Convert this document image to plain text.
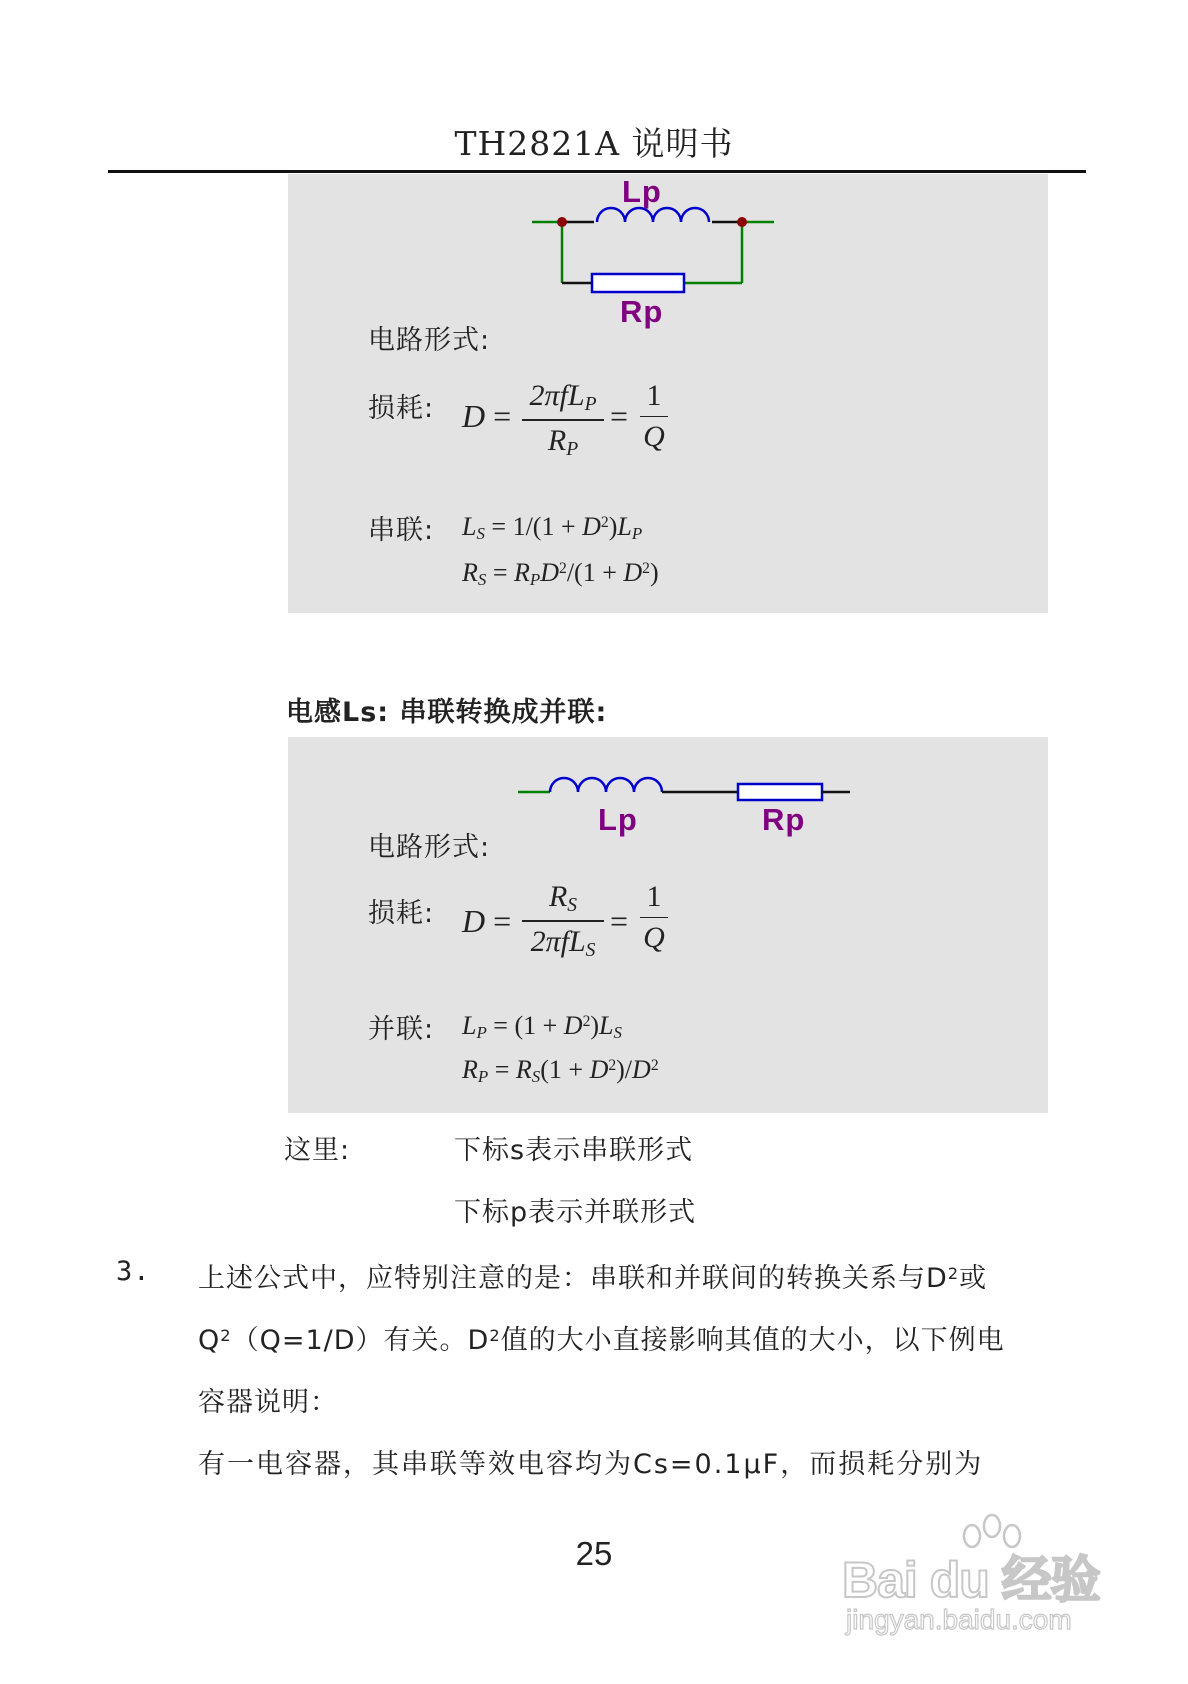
TH2821A 说明书
Lp
Rp
电路形式:
损耗: D =
2πfL$_P$
$R_P$
=
1
Q
串联: $L_S = 1/(1 + D^2)L_P$
$R_S = R_PD^2/(1 + D^2)$
电感Ls: 串联转换成并联:
Lp	Rp
电路形式:
损耗: D =
$R_S$
2πfL$_S$
=
1
Q
并联: $L_P = (1 + D^2)L_S$
$R_P = R_S(1 + D^2)/D^2$
这里:	下标s表示串联形式
下标p表示并联形式
3. 上述公式中，应特别注意的是：串联和并联间的转换关系与$D^2$或
$Q^2(Q=1/D)$有关。$D^2$值的大小直接影响其值的大小，以下例电
容器说明：
有一电容器，其串联等效电容均为Cs=0.1μF，而损耗分别为
25	Bai du 经验
jingyan.baidu.com
